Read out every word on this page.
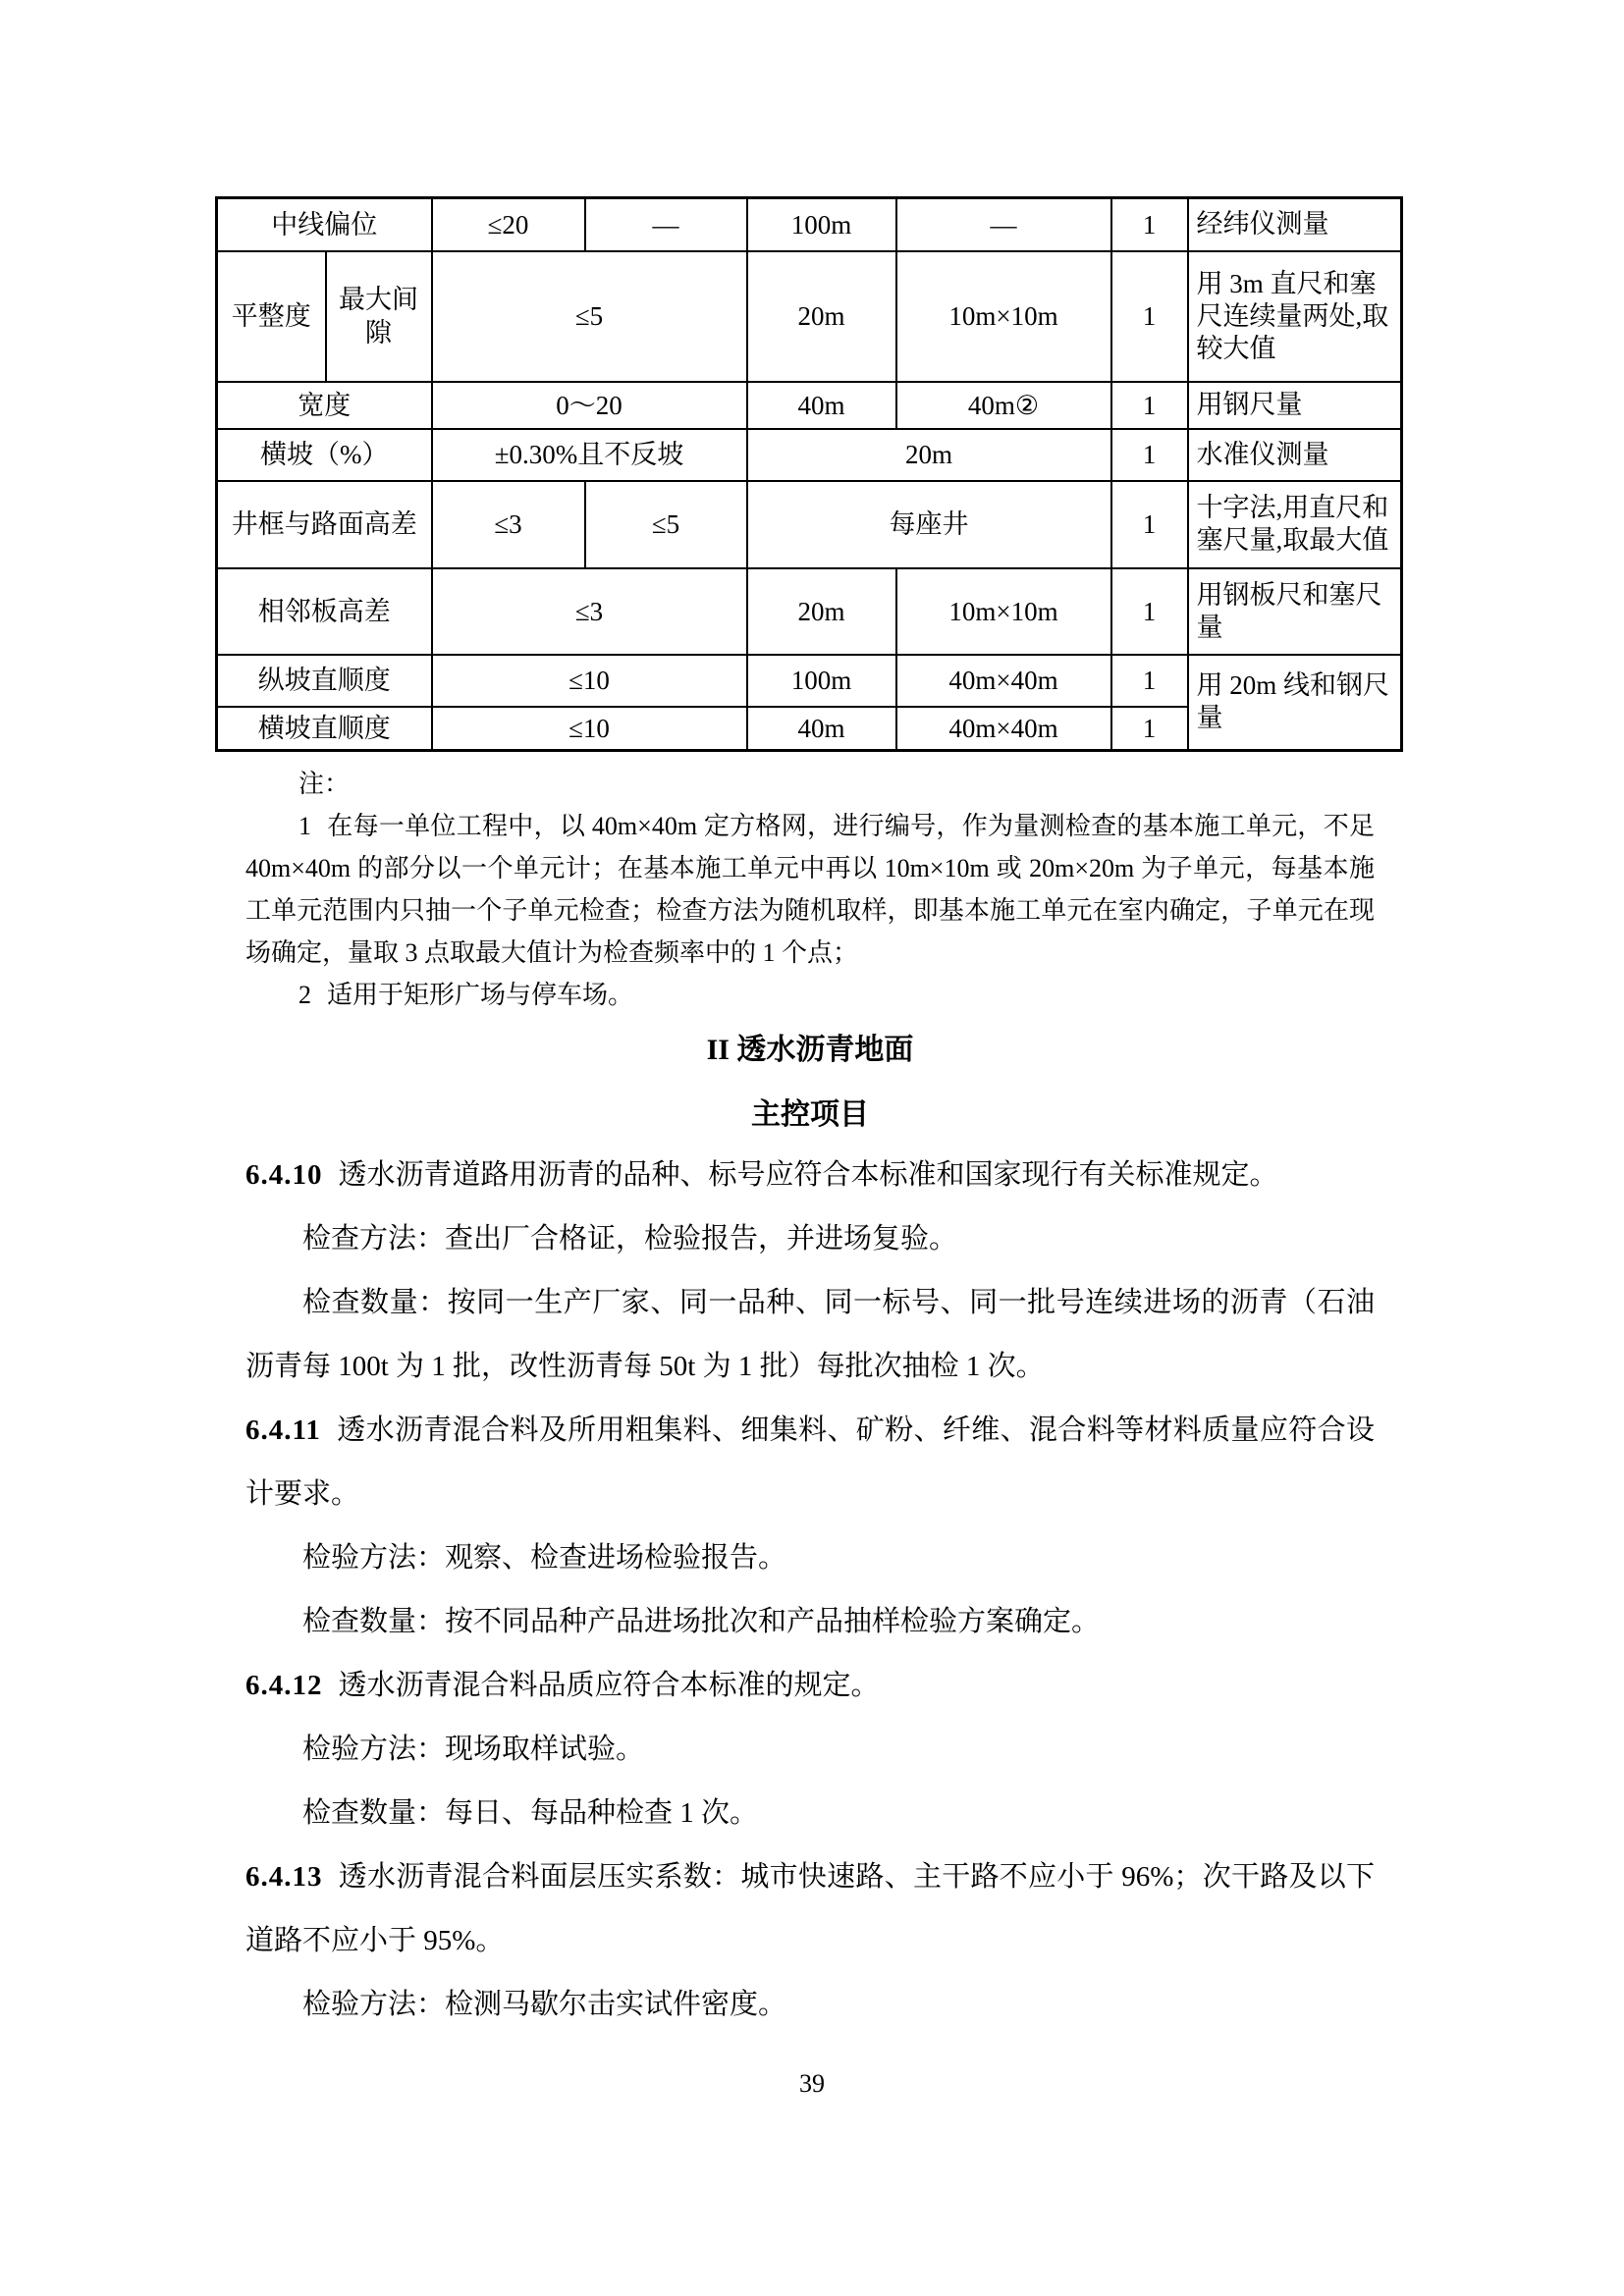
中线偏位		≤20	—	100m	—	1	经纬仪测量
平整度	最大间隙	≤5		20m	10m×10m	1	用 3m 直尺和塞尺连续量两处,取较大值
宽度		0～20		40m	40m②	1	用钢尺量
横坡（%）		±0.30%且不反坡		20m		1	水准仪测量
井框与路面高差		≤3	≤5	每座井		1	十字法,用直尺和塞尺量,取最大值
相邻板高差		≤3		20m	10m×10m	1	用钢板尺和塞尺量
纵坡直顺度		≤10		100m	40m×40m	1	用 20m 线和钢尺量
横坡直顺度		≤10		40m	40m×40m	1	

注：

1 在每一单位工程中，以 40m×40m 定方格网，进行编号，作为量测检查的基本施工单元，不足 40m×40m 的部分以一个单元计；在基本施工单元中再以 10m×10m 或 20m×20m 为子单元，每基本施工单元范围内只抽一个子单元检查；检查方法为随机取样，即基本施工单元在室内确定，子单元在现场确定，量取 3 点取最大值计为检查频率中的 1 个点；

2 适用于矩形广场与停车场。

II 透水沥青地面
主控项目

6.4.10 透水沥青道路用沥青的品种、标号应符合本标准和国家现行有关标准规定。

检查方法：查出厂合格证，检验报告，并进场复验。

检查数量：按同一生产厂家、同一品种、同一标号、同一批号连续进场的沥青（石油沥青每 100t 为 1 批，改性沥青每 50t 为 1 批）每批次抽检 1 次。

6.4.11 透水沥青混合料及所用粗集料、细集料、矿粉、纤维、混合料等材料质量应符合设计要求。

检验方法：观察、检查进场检验报告。

检查数量：按不同品种产品进场批次和产品抽样检验方案确定。

6.4.12 透水沥青混合料品质应符合本标准的规定。

检验方法：现场取样试验。

检查数量：每日、每品种检查 1 次。

6.4.13 透水沥青混合料面层压实系数：城市快速路、主干路不应小于 96%；次干路及以下道路不应小于 95%。

检验方法：检测马歇尔击实试件密度。

39
